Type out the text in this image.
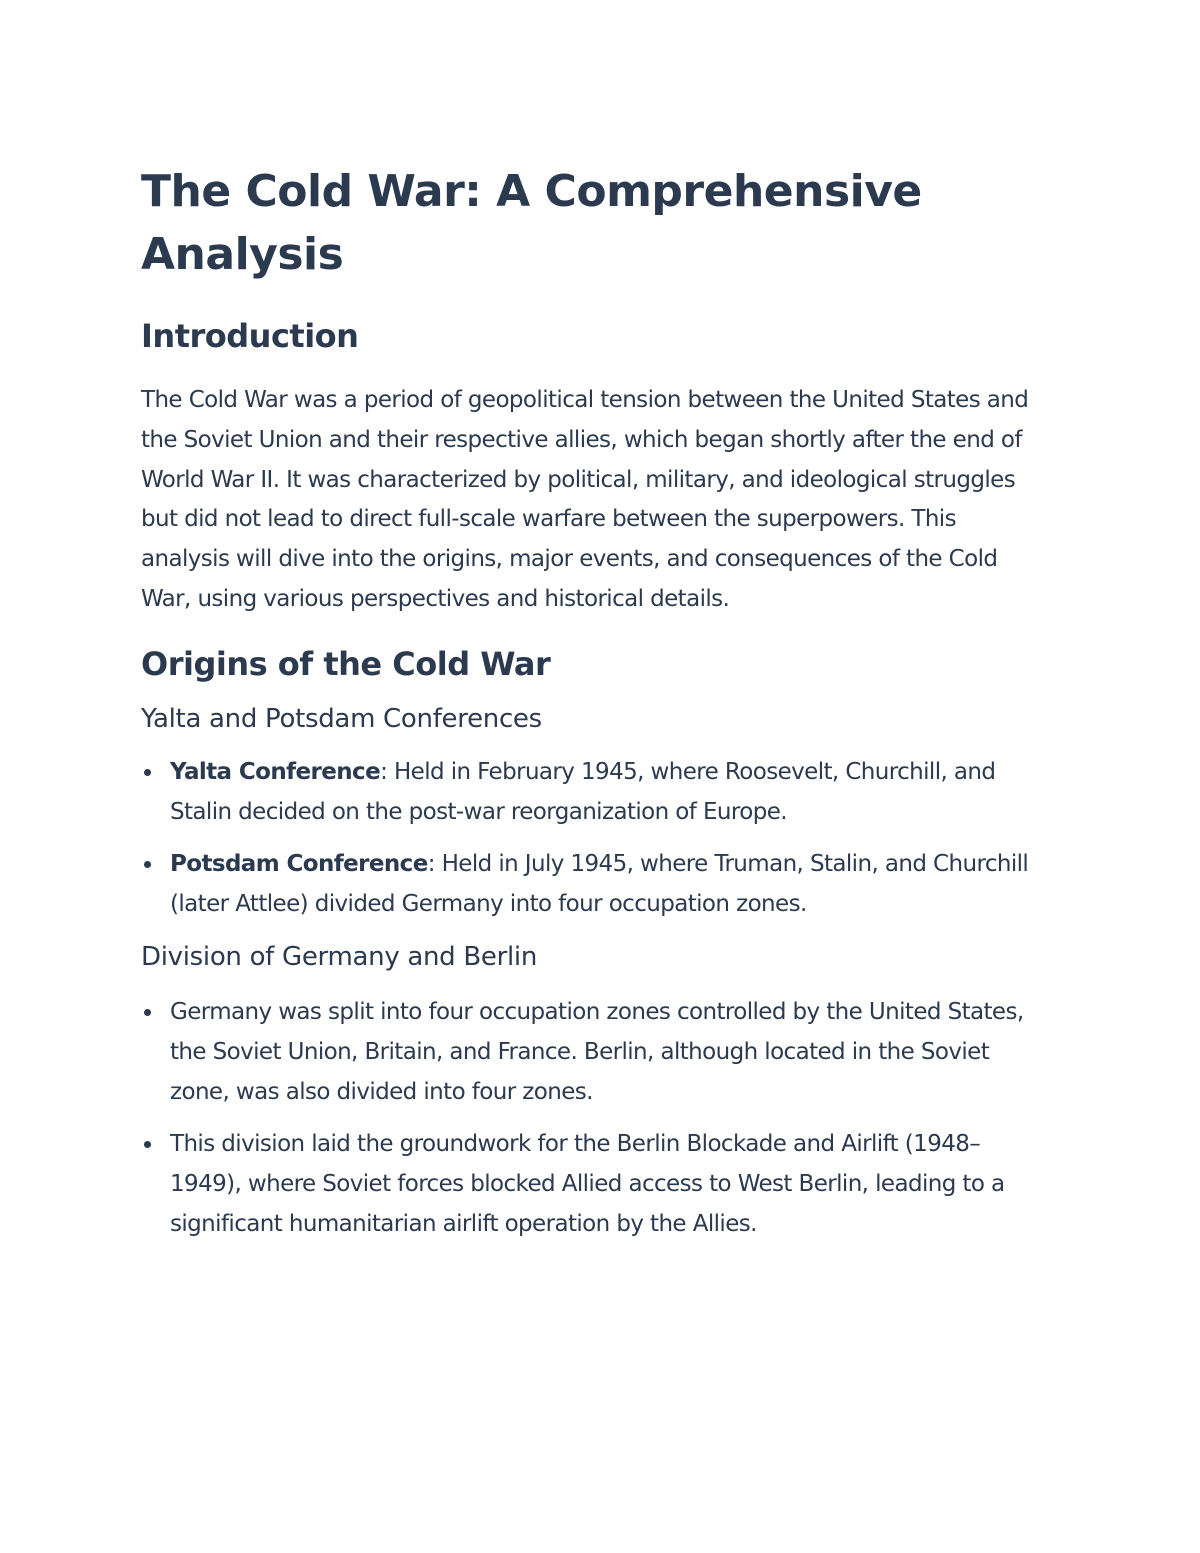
The Cold War: A Comprehensive Analysis
Introduction

The Cold War was a period of geopolitical tension between the United States and the Soviet Union and their respective allies, which began shortly after the end of World War II. It was characterized by political, military, and ideological struggles but did not lead to direct full-scale warfare between the superpowers. This analysis will dive into the origins, major events, and consequences of the Cold War, using various perspectives and historical details.

Origins of the Cold War
Yalta and Potsdam Conferences
Yalta Conference: Held in February 1945, where Roosevelt, Churchill, and Stalin decided on the post-war reorganization of Europe.
Potsdam Conference: Held in July 1945, where Truman, Stalin, and Churchill (later Attlee) divided Germany into four occupation zones.
Division of Germany and Berlin
Germany was split into four occupation zones controlled by the United States, the Soviet Union, Britain, and France. Berlin, although located in the Soviet zone, was also divided into four zones.
This division laid the groundwork for the Berlin Blockade and Airlift (1948–1949), where Soviet forces blocked Allied access to West Berlin, leading to a significant humanitarian airlift operation by the Allies.
